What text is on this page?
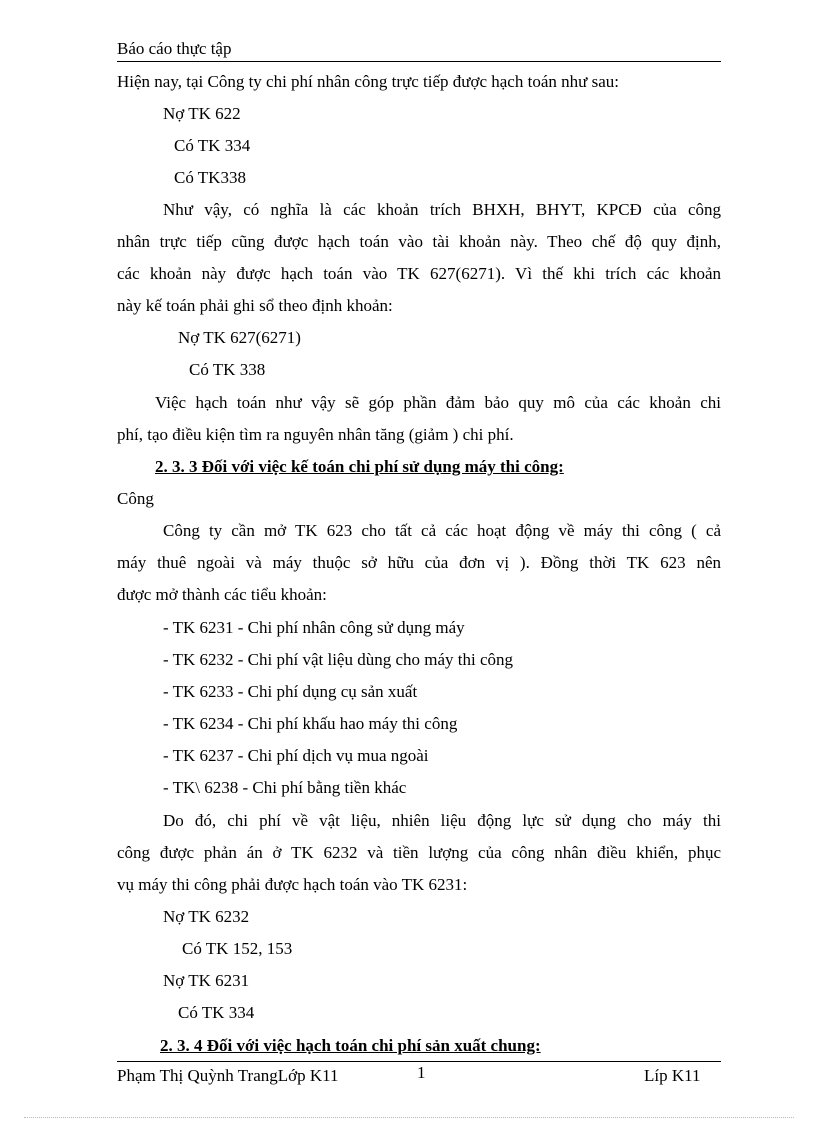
Báo cáo thực tập
Hiện nay, tại Công ty chi phí nhân công trực tiếp được hạch toán như sau:
Nợ TK 622
Có TK 334
Có TK338
Như vậy, có nghĩa là các khoản trích BHXH, BHYT, KPCĐ của công
nhân trực tiếp cũng được hạch toán vào tài khoản này. Theo chế độ quy định,
các khoản này được hạch toán vào TK 627(6271). Vì thế khi trích các khoản
này kế toán phải ghi sổ theo định khoản:
Nợ TK 627(6271)
Có TK 338
Việc hạch toán như vậy sẽ góp phần đảm bảo quy mô của các khoản chi
phí, tạo điều kiện tìm ra nguyên nhân tăng (giảm ) chi phí.
2. 3. 3 Đối với việc kế toán chi phí sử dụng máy thi công:
Công
Công ty cần mở TK 623 cho tất cả các hoạt động về máy thi công ( cả
máy thuê ngoài và máy thuộc sở hữu của đơn vị ). Đồng thời TK 623 nên
được mở thành các tiểu khoản:
- TK 6231 - Chi phí nhân công sử dụng máy
- TK 6232 - Chi phí vật liệu dùng cho máy thi công
- TK 6233 - Chi phí dụng cụ sản xuất
- TK 6234 - Chi phí khấu hao máy thi công
- TK 6237 - Chi phí dịch vụ mua ngoài
- TK\ 6238 - Chi phí bằng tiền khác
Do đó, chi phí về vật liệu, nhiên liệu động lực sử dụng cho máy thi
công được phản án ở TK 6232 và tiền lượng của công nhân điều khiển, phục
vụ máy thi công phải được hạch toán vào TK 6231:
Nợ TK 6232
Có TK 152, 153
Nợ TK 6231
Có TK 334
2. 3. 4 Đối với việc hạch toán chi phí sản xuất chung:
Phạm Thị Quỳnh TrangLớp K11	1	Líp K11
